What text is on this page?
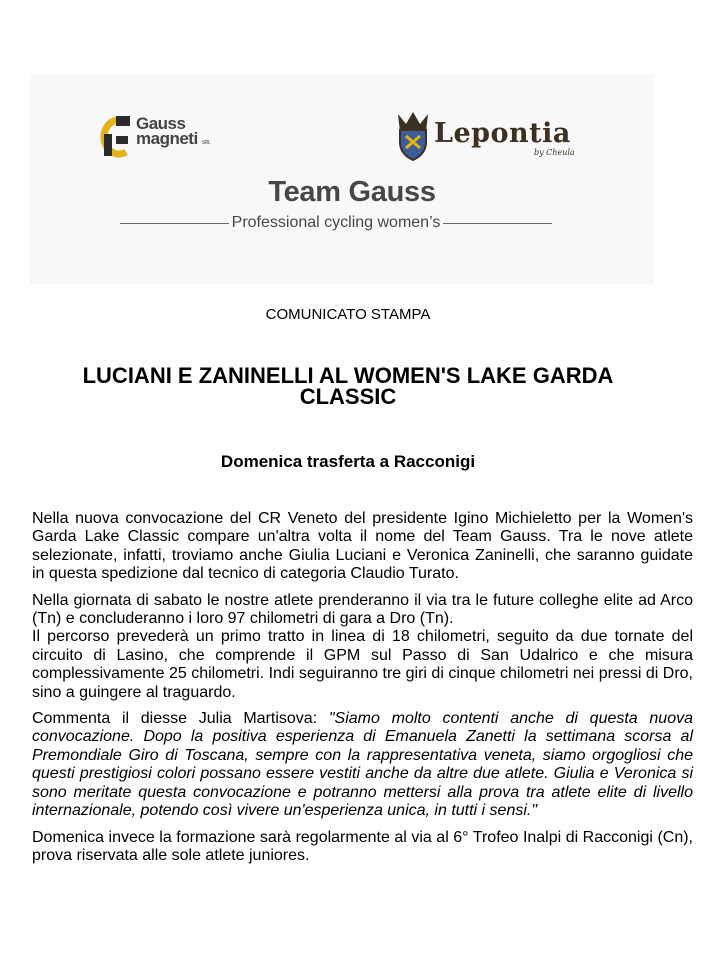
Gauss
magneti SRL	Lepontia
by Cheula
Team Gauss
Professional cycling women’s
COMUNICATO STAMPA
LUCIANI E ZANINELLI AL WOMEN'S LAKE GARDA CLASSIC
Domenica trasferta a Racconigi

Nella nuova convocazione del CR Veneto del presidente Igino Michieletto per la Women's Garda Lake Classic compare un'altra volta il nome del Team Gauss. Tra le nove atlete selezionate, infatti, troviamo anche Giulia Luciani e Veronica Zaninelli, che saranno guidate in questa spedizione dal tecnico di categoria Claudio Turato.

Nella giornata di sabato le nostre atlete prenderanno il via tra le future colleghe elite ad Arco (Tn) e concluderanno i loro 97 chilometri di gara a Dro (Tn).

Il percorso prevederà un primo tratto in linea di 18 chilometri, seguito da due tornate del circuito di Lasino, che comprende il GPM sul Passo di San Udalrico e che misura complessivamente 25 chilometri. Indi seguiranno tre giri di cinque chilometri nei pressi di Dro, sino a guingere al traguardo.

Commenta il diesse Julia Martisova: "Siamo molto contenti anche di questa nuova convocazione. Dopo la positiva esperienza di Emanuela Zanetti la settimana scorsa al Premondiale Giro di Toscana, sempre con la rappresentativa veneta, siamo orgogliosi che questi prestigiosi colori possano essere vestiti anche da altre due atlete. Giulia e Veronica si sono meritate questa convocazione e potranno mettersi alla prova tra atlete elite di livello internazionale, potendo così vivere un'esperienza unica, in tutti i sensi."

Domenica invece la formazione sarà regolarmente al via al 6° Trofeo Inalpi di Racconigi (Cn), prova riservata alle sole atlete juniores.
